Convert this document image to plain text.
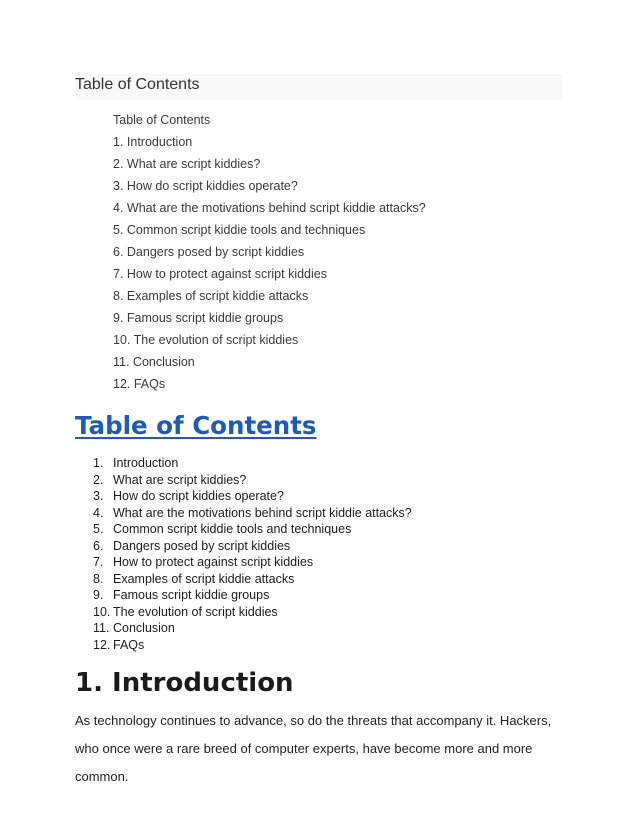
Table of Contents
Table of Contents
1. Introduction
2. What are script kiddies?
3. How do script kiddies operate?
4. What are the motivations behind script kiddie attacks?
5. Common script kiddie tools and techniques
6. Dangers posed by script kiddies
7. How to protect against script kiddies
8. Examples of script kiddie attacks
9. Famous script kiddie groups
10. The evolution of script kiddies
11. Conclusion
12. FAQs
Table of Contents
1. Introduction
2. What are script kiddies?
3. How do script kiddies operate?
4. What are the motivations behind script kiddie attacks?
5. Common script kiddie tools and techniques
6. Dangers posed by script kiddies
7. How to protect against script kiddies
8. Examples of script kiddie attacks
9. Famous script kiddie groups
10. The evolution of script kiddies
11. Conclusion
12. FAQs
1. Introduction

As technology continues to advance, so do the threats that accompany it. Hackers, who once were a rare breed of computer experts, have become more and more common.
